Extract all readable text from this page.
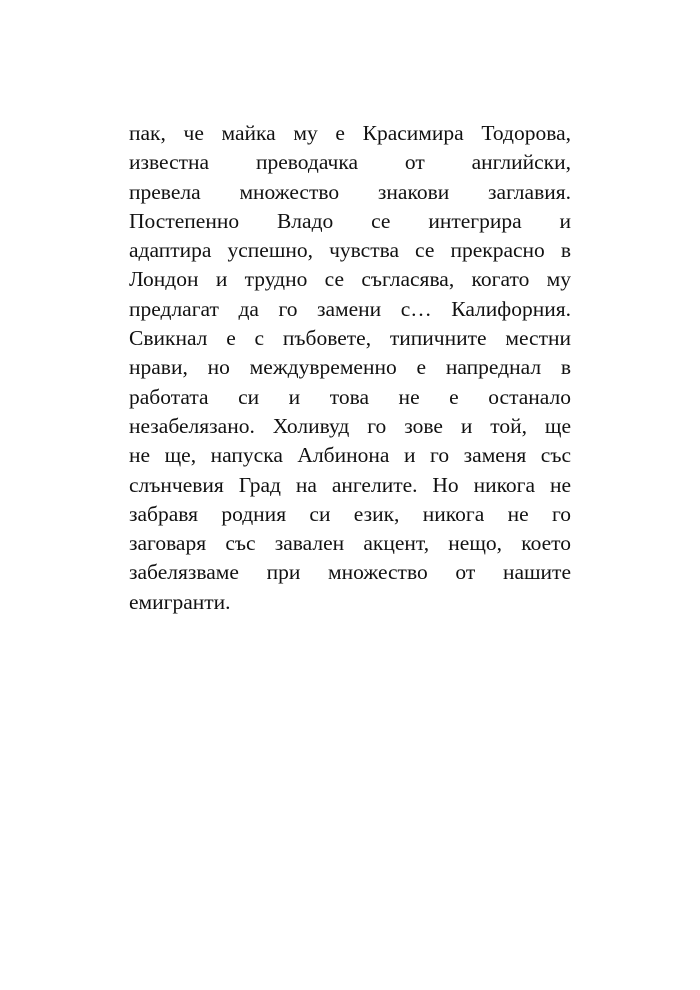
пак, че майка му е Красимира Тодорова,
известна преводачка от английски,
превела множество знакови заглавия.
Постепенно Владо се интегрира и
адаптира успешно, чувства се прекрасно в
Лондон и трудно се съгласява, когато му
предлагат да го замени с… Калифорния.
Свикнал е с пъбовете, типичните местни
нрави, но междувременно е напреднал в
работата си и това не е останало
незабелязано. Холивуд го зове и той, ще
не ще, напуска Албинона и го заменя със
слънчевия Град на ангелите. Но никога не
забравя родния си език, никога не го
заговаря със завален акцент, нещо, което
забелязваме при множество от нашите
емигранти.
